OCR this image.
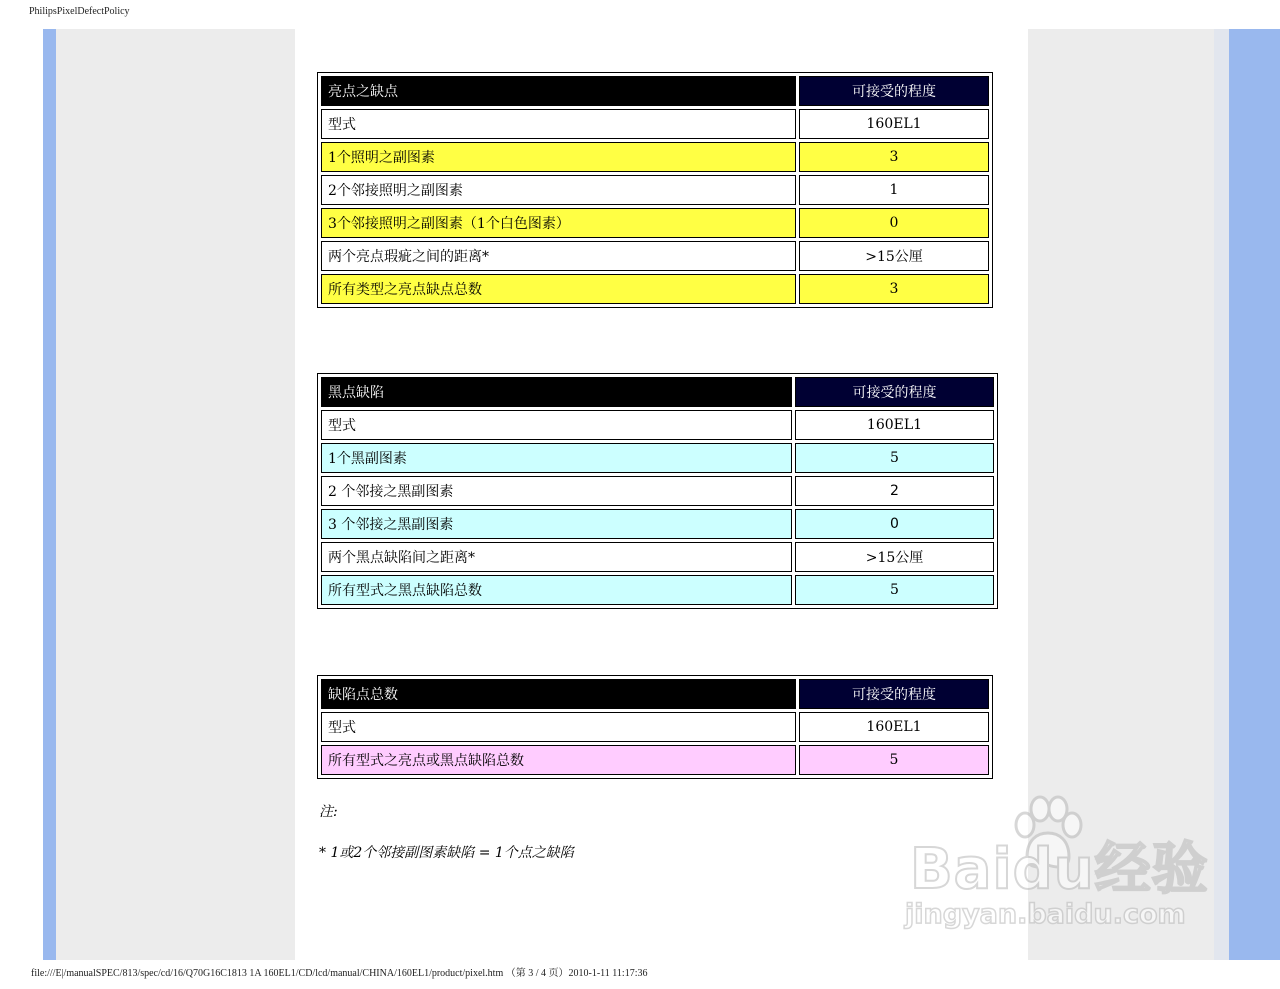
PhilipsPixelDefectPolicy
亮点之缺点	可接受的程度
型式	160EL1
1个照明之副图素	3
2个邻接照明之副图素	1
3个邻接照明之副图素（1个白色图素）	0
两个亮点瑕疵之间的距离*	>15公厘
所有类型之亮点缺点总数	3
黑点缺陷	可接受的程度
型式	160EL1
1个黑副图素	5
2 个邻接之黑副图素	2
3 个邻接之黑副图素	0
两个黑点缺陷间之距离*	>15公厘
所有型式之黑点缺陷总数	5
缺陷点总数	可接受的程度
型式	160EL1
所有型式之亮点或黑点缺陷总数	5
注:
* 1或2个邻接副图素缺陷 = 1个点之缺陷	Baidu经验
jingyan.baidu.com
file:///E|/manualSPEC/813/spec/cd/16/Q70G16C1813 1A 160EL1/CD/lcd/manual/CHINA/160EL1/product/pixel.htm （第 3 / 4 页）2010-1-11 11:17:36
